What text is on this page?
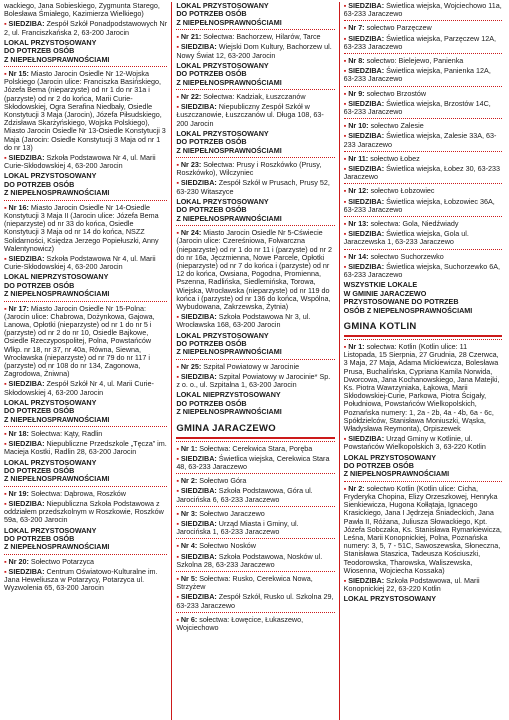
wackiego, Jana Sobieskiego, Zygmunta Starego, Bolesława Śmiałego, Kazimierza Wielkiego)

▪ SIEDZIBA: Zespół Szkół Ponadpodstawowych Nr 2, ul. Franciszkańska 2, 63-200 Jarocin

LOKAL PRZYSTOSOWANY
DO POTRZEB OSÓB
Z NIEPEŁNOSPRAWNOŚCIAMI

▪ Nr 15: Miasto Jarocin Osiedle Nr 12-Wojska Polskiego (Jarocin ulice: Franciszka Basińskiego, Józefa Bema (nieparzyste) od nr 1 do nr 31a i (parzyste) od nr 2 do końca, Marii Curie-Skłodowskiej, Ogra Serafina Niedbały, Osiedle Konstytucji 3 Maja (Jarocin), Józefa Piłsudskiego, Zdzisława Skarżyńskiego, Wojska Polskiego), Miasto Jarocin Osiedle Nr 13-Osiedle Konstytucji 3 Maja (Jarocin: Osiedle Konstytucji 3 Maja od nr 1 do nr 13)

▪ SIEDZIBA: Szkoła Podstawowa Nr 4, ul. Marii Curie-Skłodowskiej 4, 63-200 Jarocin

LOKAL PRZYSTOSOWANY
DO POTRZEB OSÓB
Z NIEPEŁNOSPRAWNOŚCIAMI

▪ Nr 16: Miasto Jarocin Osiedle Nr 14-Osiedle Konstytucji 3 Maja II (Jarocin ulice: Józefa Bema (nieparzyste) od nr 33 do końca, Osiedle Konstytucji 3 Maja od nr 14 do końca, NSZZ Solidarności, Księdza Jerzego Popiełuszki, Anny Walentynowicz)

▪ SIEDZIBA: Szkoła Podstawowa Nr 4, ul. Marii Curie-Skłodowskiej 4, 63-200 Jarocin

LOKAL NIEPRZYSTOSOWANY
DO POTRZEB OSÓB
Z NIEPEŁNOSPRAWNOŚCIAMI

▪ Nr 17: Miasto Jarocin Osiedle Nr 15-Polna: (Jarocin ulice: Chabrowa, Dożynkowa, Gajowa, Lanowa, Opłotki (nieparzyste) od nr 1 do nr 5 i (parzyste) od nr 2 do nr 10, Osiedle Bajkowe, Osiedle Rzeczypospolitej, Polna, Powstańców Wlkp. nr 18, nr 37, nr 40a, Równa, Siewna, Wrocławska (nieparzyste) od nr 79 do nr 117 i (parzyste) od nr 108 do nr 134, Zagonowa, Zagrodowa, Żniwna)

▪ SIEDZIBA: Zespół Szkół Nr 4, ul. Marii Curie-Skłodowskiej 4, 63-200 Jarocin

LOKAL PRZYSTOSOWANY
DO POTRZEB OSÓB
Z NIEPEŁNOSPRAWNOŚCIAMI

▪ Nr 18: Sołectwa: Kąty, Radlin

▪ SIEDZIBA: Niepubliczne Przedszkole „Tęcza” im. Macieja Kostki, Radlin 28, 63-200 Jarocin

LOKAL PRZYSTOSOWANY
DO POTRZEB OSÓB
Z NIEPEŁNOSPRAWNOŚCIAMI

▪ Nr 19: Sołectwa: Dąbrowa, Roszków

▪ SIEDZIBA: Niepubliczna Szkoła Podstawowa z oddziałem przedszkolnym w Roszkowie, Roszków 59a, 63-200 Jarocin

LOKAL PRZYSTOSOWANY
DO POTRZEB OSÓB
Z NIEPEŁNOSPRAWNOŚCIAMI

▪ Nr 20: Sołectwo Potarzyca

▪ SIEDZIBA: Centrum Oświatowo-Kulturalne im. Jana Heweliusza w Potarzycy, Potarzyca ul. Wyzwolenia 65, 63-200 Jarocin

LOKAL PRZYSTOSOWANY
DO POTRZEB OSÓB
Z NIEPEŁNOSPRAWNOŚCIAMI

▪ Nr 21: Sołectwa: Bachorzew, Hilarów, Tarce

▪ SIEDZIBA: Wiejski Dom Kultury, Bachorzew ul. Nowy Świat 12, 63-200 Jarocin

LOKAL PRZYSTOSOWANY
DO POTRZEB OSÓB
Z NIEPEŁNOSPRAWNOŚCIAMI

▪ Nr 22: Sołectwa: Kadziak, Łuszczanów

▪ SIEDZIBA: Niepubliczny Zespół Szkół w Łuszczanowie, Łuszczanów ul. Długa 108, 63-200 Jarocin

LOKAL PRZYSTOSOWANY
DO POTRZEB OSÓB
Z NIEPEŁNOSPRAWNOŚCIAMI

▪ Nr 23: Sołectwa: Prusy i Roszkówko (Prusy, Roszkówko), Wilczyniec

▪ SIEDZIBA: Zespół Szkół w Prusach, Prusy 52, 63-230 Witaszyce

LOKAL PRZYSTOSOWANY
DO POTRZEB OSÓB
Z NIEPEŁNOSPRAWNOŚCIAMI

▪ Nr 24: Miasto Jarocin Osiedle Nr 5-Cświecie (Jarocin ulice: Czereśniowa, Folwarczna (nieparzyste) od nr 1 do nr 11 i (parzyste) od nr 2 do nr 16a, Jęczmienna, Nowe Parcele, Opłotki (nieparzyste) od nr 7 do końca i (parzyste) od nr 12 do końca, Owsiana, Pogodna, Promienna, Pszenna, Radlińska, Siedlemińska, Torowa, Wiejska, Wrocławska (nieparzyste) od nr 119 do końca i (parzyste) od nr 136 do końca, Wspólna, Wybudowana, Zakrzewska, Żytnia)

▪ SIEDZIBA: Szkoła Podstawowa Nr 3, ul. Wrocławska 168, 63-200 Jarocin

LOKAL PRZYSTOSOWANY
DO POTRZEB OSÓB
Z NIEPEŁNOSPRAWNOŚCIAMI

▪ Nr 25: Szpital Powiatowy w Jarocinie

▪ SIEDZIBA: Szpital Powiatowy w Jarocinie* Sp. z o. o., ul. Szpitalna 1, 63-200 Jarocin

LOKAL NIEPRZYSTOSOWANY
DO POTRZEB OSÓB
Z NIEPEŁNOSPRAWNOŚCIAMI
GMINA JARACZEWO

▪ Nr 1: Sołectwa: Cerekwica Stara, Poręba

▪ SIEDZIBA: Świetlica wiejska, Cerekwica Stara 48, 63-233 Jaraczewo

▪ Nr 2: Sołectwo Góra

▪ SIEDZIBA: Szkoła Podstawowa, Góra ul. Jarocińska 6, 63-233 Jaraczewo

▪ Nr 3: Sołectwo Jaraczewo

▪ SIEDZIBA: Urząd Miasta i Gminy, ul. Jarocińska 1, 63-233 Jaraczewo

▪ Nr 4: Sołectwo Nosków

▪ SIEDZIBA: Szkoła Podstawowa, Nosków ul. Szkolna 28, 63-233 Jaraczewo

▪ Nr 5: Sołectwa: Rusko, Cerekwica Nowa, Strzyżew

▪ SIEDZIBA: Zespół Szkół, Rusko ul. Szkolna 29, 63-233 Jaraczewo

▪ Nr 6: sołectwa: Łowęcice, Łukaszewo, Wojciechowo

▪ SIEDZIBA: Świetlica wiejska, Wojciechowo 11a, 63-233 Jaraczewo

▪ Nr 7: sołectwo Parzęczew

▪ SIEDZIBA: Świetlica wiejska, Parzęczew 12A, 63-233 Jaraczewo

▪ Nr 8: sołectwo: Bielejewo, Panienka

▪ SIEDZIBA: Świetlica wiejska, Panienka 12A, 63-233 Jaraczewo

▪ Nr 9: sołectwo Brzostów

▪ SIEDZIBA: Świetlica wiejska, Brzostów 14C, 63-233 Jaraczewo

▪ Nr 10: sołectwo Zalesie

▪ SIEDZIBA: Świetlica wiejska, Zalesie 33A, 63-233 Jaraczewo

▪ Nr 11: sołectwo Łobez

▪ SIEDZIBA: Świetlica wiejska, Łobez 30, 63-233 Jaraczewo

▪ Nr 12: sołectwo Łobzowiec

▪ SIEDZIBA: Świetlica wiejska, Łobzowiec 36A, 63-233 Jaraczewo

▪ Nr 13: sołectwa: Gola, Niedźwiady

▪ SIEDZIBA: Świetlica wiejska, Gola ul. Jaraczewska 1, 63-233 Jaraczewo

▪ Nr 14: sołectwo Suchorzewko

▪ SIEDZIBA: Świetlica wiejska, Suchorzewko 6A, 63-233 Jaraczewo

WSZYSTKIE LOKALE
W GMINIE JARACZEWO
PRZYSTOSOWANE DO POTRZEB
OSÓB Z NIEPEŁNOSPRAWNOŚCIAMI
GMINA KOTLIN

▪ Nr 1: sołectwa: Kotlin (Kotlin ulice: 11 Listopada, 15 Sierpnia, 27 Grudnia, 28 Czerwca, 3 Maja, 27 Maja, Adama Mickiewicza, Bolesława Prusa, Buchalińska, Cypriana Kamila Norwida, Dworcowa, Jana Kochanowskiego, Jana Matejki, Ks. Piotra Wawrzyniaka, Łąkowa, Marii Skłodowskiej-Curie, Parkowa, Piotra Ścigały, Południowa, Powstańców Wielkopolskich, Poznańska numery: 1, 2a - 2b, 4a - 4b, 6a - 6c, Spółdzielców, Stanisława Moniuszki, Wąska, Władysława Reymonta), Orpiszewek

▪ SIEDZIBA: Urząd Gminy w Kotlinie, ul. Powstańców Wielkopolskich 3, 63-220 Kotlin

LOKAL PRZYSTOSOWANY
DO POTRZEB OSÓB
Z NIEPEŁNOSPRAWNOŚCIAMI

▪ Nr 2: sołectwo Kotlin (Kotlin ulice: Cicha, Fryderyka Chopina, Elizy Orzeszkowej, Henryka Sienkiewicza, Hugona Kołłątaja, Ignacego Krasickiego, Jana I Jędrzeja Śniadeckich, Jana Pawła II, Różana, Juliusza Słowackiego, Kpt. Józefa Sobczaka, Ks. Stanisława Rymarkiewicza, Leśna, Marii Konopnickiej, Polna, Poznańska numery: 3, 5, 7 - 51C, Sawoszewska, Słoneczna, Stanisława Staszica, Tadeusza Kościuszki, Teodorowska, Tharowska, Waliszewska, Wiosenna, Wojciecha Kossaka)

▪ SIEDZIBA: Szkoła Podstawowa, ul. Marii Konopnickiej 22, 63-220 Kotlin

LOKAL PRZYSTOSOWANY
